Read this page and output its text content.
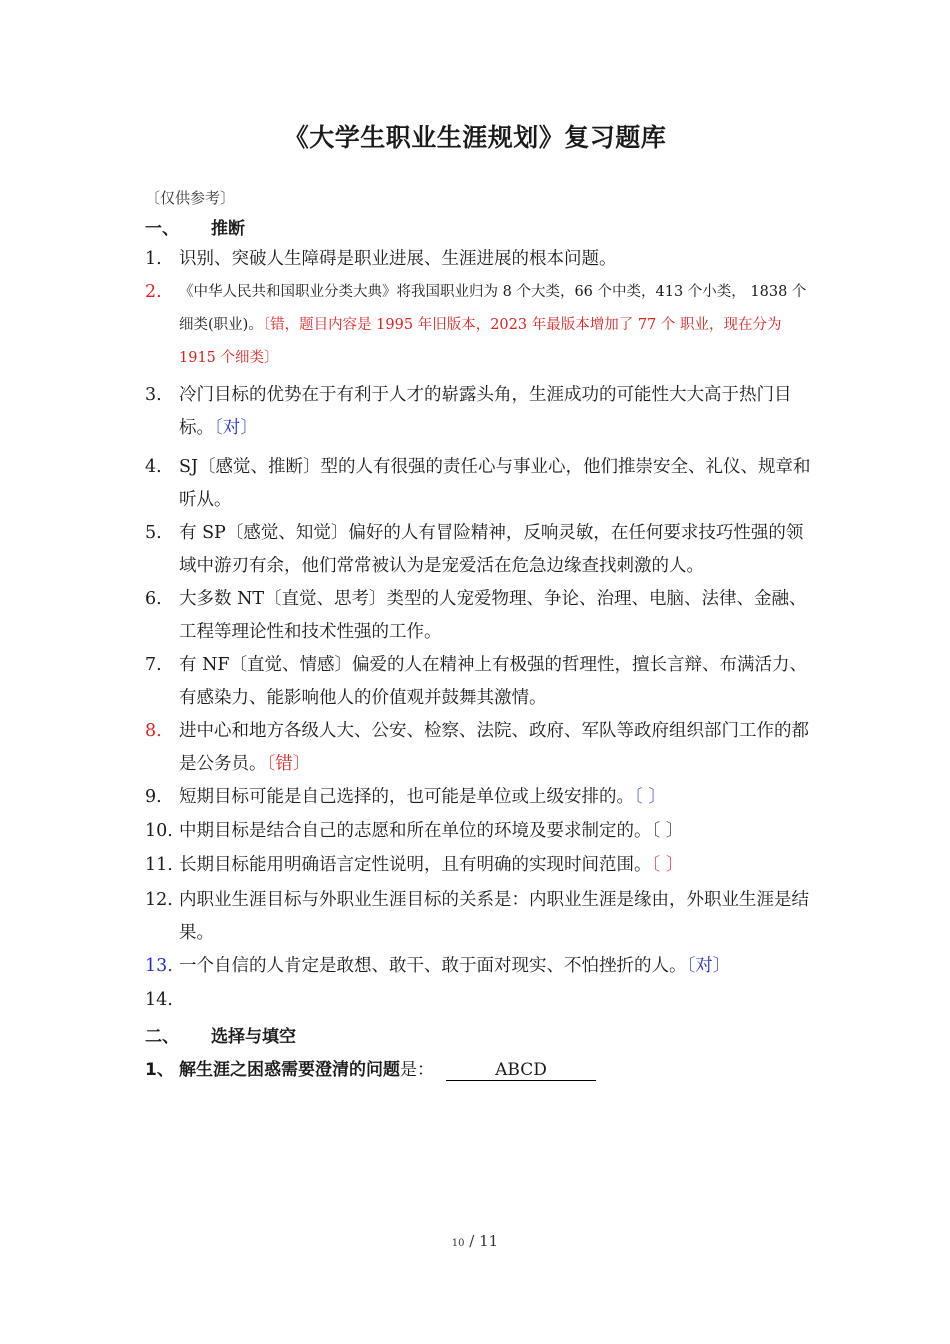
《大学生职业生涯规划》复习题库
〔仅供参考〕
一、 推断
1. 识别、突破人生障碍是职业进展、生涯进展的根本问题。
2. 《中华人民共和国职业分类大典》将我国职业归为 8 个大类，66 个中类，413 个小类， 1838 个细类(职业)。〔错，题目内容是 1995 年旧版本，2023 年最版本增加了 77 个 职业，现在分为 1915 个细类〕
3. 冷门目标的优势在于有利于人才的崭露头角，生涯成功的可能性大大高于热门目标。〔对〕
4. SJ〔感觉、推断〕型的人有很强的责任心与事业心，他们推崇安全、礼仪、规章和听从。
5. 有 SP〔感觉、知觉〕偏好的人有冒险精神，反响灵敏，在任何要求技巧性强的领域中游刃有余，他们常常被认为是宠爱活在危急边缘查找刺激的人。
6. 大多数 NT〔直觉、思考〕类型的人宠爱物理、争论、治理、电脑、法律、金融、工程等理论性和技术性强的工作。
7. 有 NF〔直觉、情感〕偏爱的人在精神上有极强的哲理性，擅长言辩、布满活力、有感染力、能影响他人的价值观并鼓舞其激情。
8. 进中心和地方各级人大、公安、检察、法院、政府、军队等政府组织部门工作的都是公务员。〔错〕
9. 短期目标可能是自己选择的，也可能是单位或上级安排的。〔 〕
10. 中期目标是结合自己的志愿和所在单位的环境及要求制定的。〔 〕
11. 长期目标能用明确语言定性说明，且有明确的实现时间范围。〔 〕
12. 内职业生涯目标与外职业生涯目标的关系是：内职业生涯是缘由，外职业生涯是结果。
13. 一个自信的人肯定是敢想、敢干、敢于面对现实、不怕挫折的人。〔对〕
14.
二、 选择与填空
1、 解生涯之困惑需要澄清的问题是：	ABCD
10 / 11
